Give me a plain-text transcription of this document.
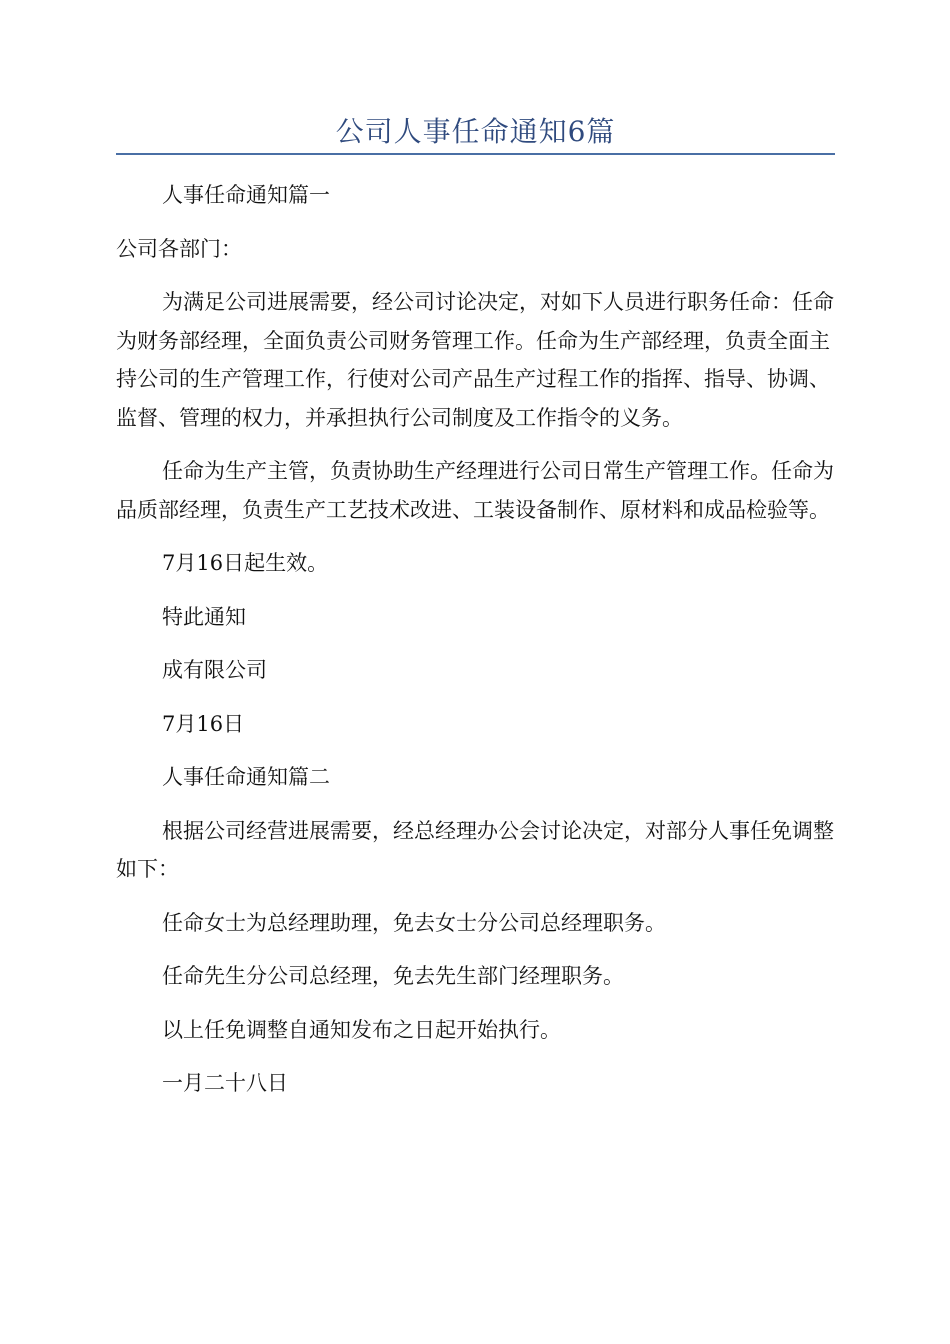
公司人事任命通知6篇

人事任命通知篇一

公司各部门：

为满足公司进展需要，经公司讨论决定，对如下人员进行职务任命：任命为财务部经理，全面负责公司财务管理工作。任命为生产部经理，负责全面主持公司的生产管理工作，行使对公司产品生产过程工作的指挥、指导、协调、监督、管理的权力，并承担执行公司制度及工作指令的义务。

任命为生产主管，负责协助生产经理进行公司日常生产管理工作。任命为品质部经理，负责生产工艺技术改进、工装设备制作、原材料和成品检验等。

7月16日起生效。

特此通知

成有限公司

7月16日

人事任命通知篇二

根据公司经营进展需要，经总经理办公会讨论决定，对部分人事任免调整如下：

任命女士为总经理助理，免去女士分公司总经理职务。

任命先生分公司总经理，免去先生部门经理职务。

以上任免调整自通知发布之日起开始执行。

一月二十八日
